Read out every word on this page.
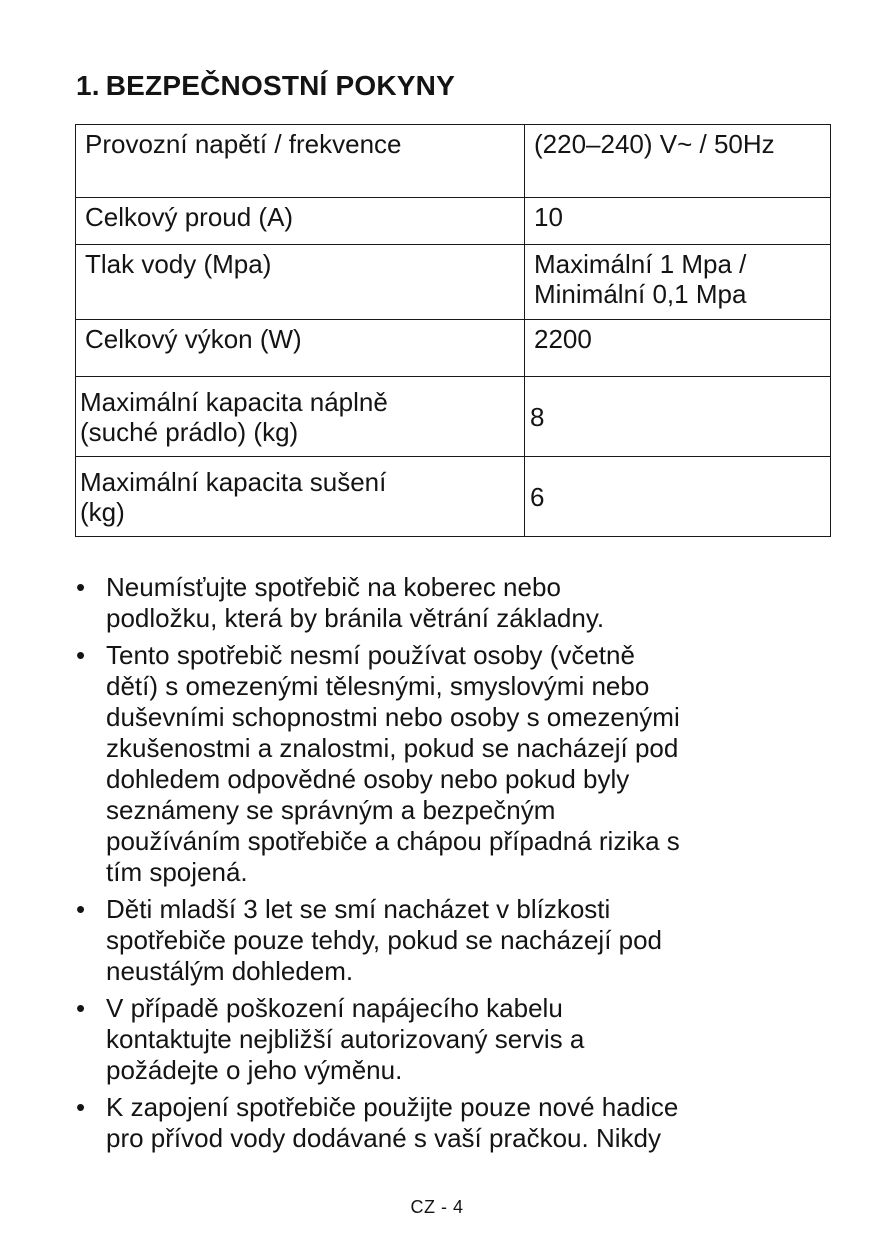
1. BEZPEČNOSTNÍ POKYNY
Provozní napětí / frekvence	(220–240) V~ / 50Hz

Celkový proud (A)	10

Tlak vody (Mpa)	Maximální 1 Mpa /
Minimální 0,1 Mpa

Celkový výkon (W)	2200

Maximální kapacita náplně
(suché prádlo) (kg)	8

Maximální kapacita sušení
(kg)	6
• Neumísťujte spotřebič na koberec nebo
podložku, která by bránila větrání základny.
• Tento spotřebič nesmí používat osoby (včetně
dětí) s omezenými tělesnými, smyslovými nebo
duševními schopnostmi nebo osoby s omezenými
zkušenostmi a znalostmi, pokud se nacházejí pod
dohledem odpovědné osoby nebo pokud byly
seznámeny se správným a bezpečným
používáním spotřebiče a chápou případná rizika s
tím spojená.
• Děti mladší 3 let se smí nacházet v blízkosti
spotřebiče pouze tehdy, pokud se nacházejí pod
neustálým dohledem.
• V případě poškození napájecího kabelu
kontaktujte nejbližší autorizovaný servis a
požádejte o jeho výměnu.
• K zapojení spotřebiče použijte pouze nové hadice
pro přívod vody dodávané s vaší pračkou. Nikdy
CZ - 4
